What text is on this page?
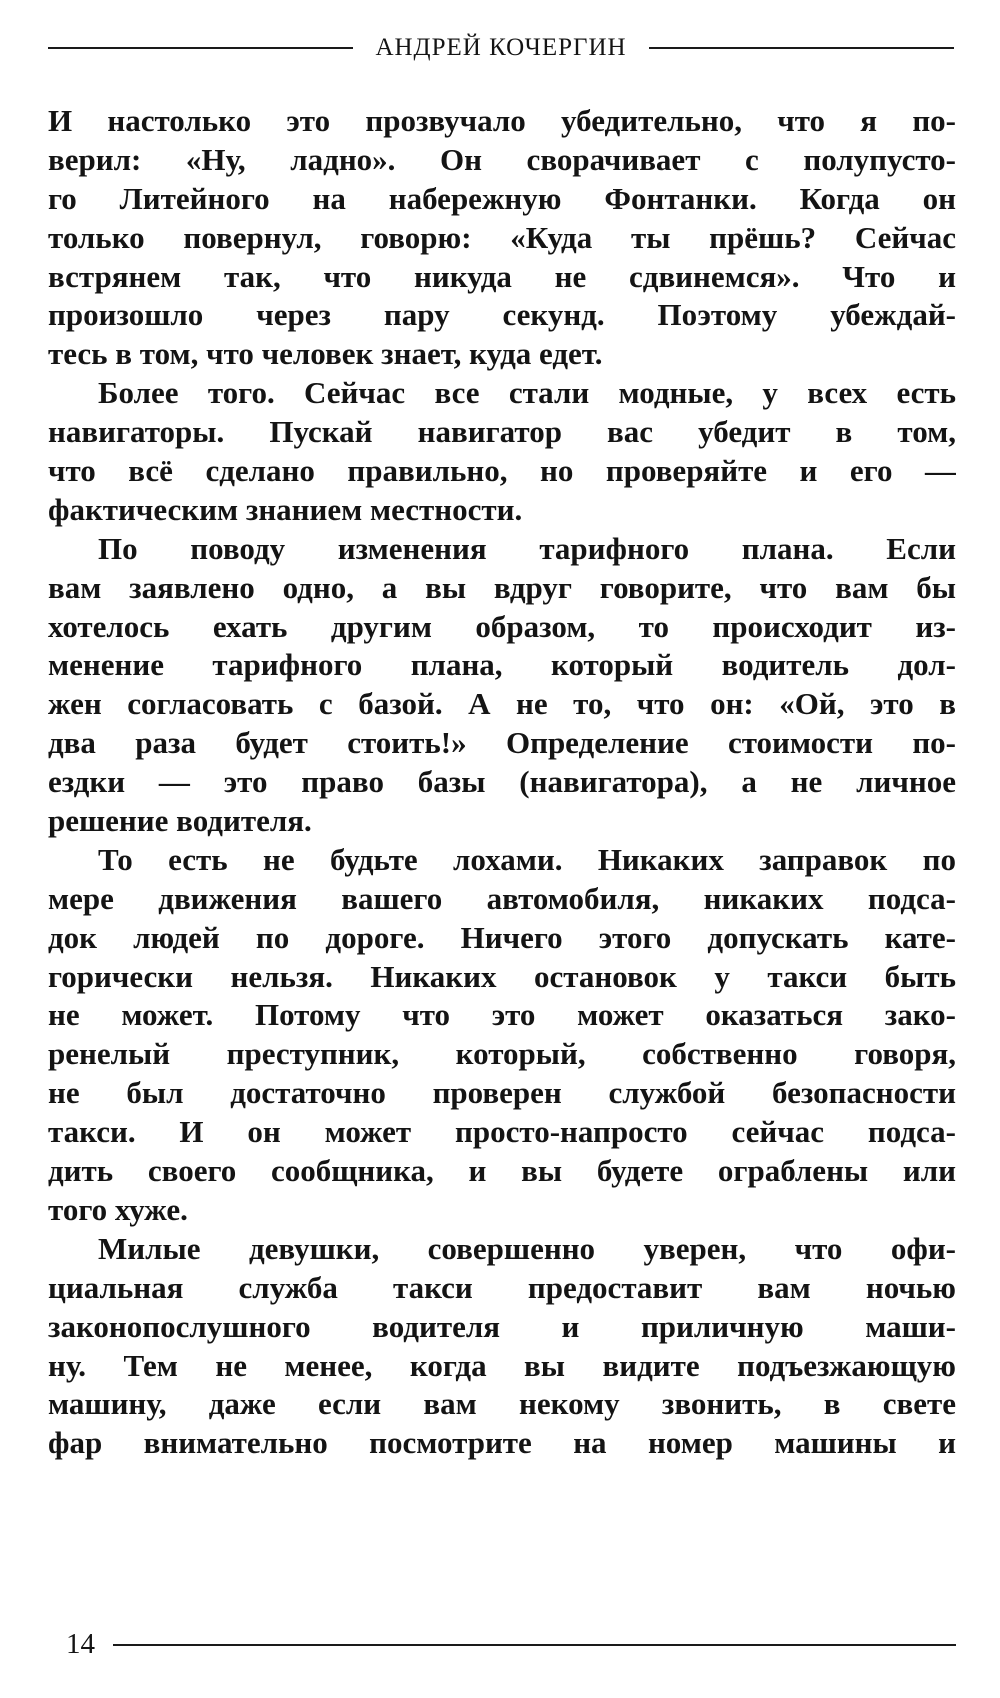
АНДРЕЙ КОЧЕРГИН
И настолько это прозвучало убедительно, что я по-
верил: «Ну, ладно». Он сворачивает с полупусто-
го Литейного на набережную Фонтанки. Когда он
только повернул, говорю: «Куда ты прёшь? Сейчас
встрянем так, что никуда не сдвинемся». Что и
произошло через пару секунд. Поэтому убеждай-
тесь в том, что человек знает, куда едет.
Более того. Сейчас все стали модные, у всех есть
навигаторы. Пускай навигатор вас убедит в том,
что всё сделано правильно, но проверяйте и его —
фактическим знанием местности.
По поводу изменения тарифного плана. Если
вам заявлено одно, а вы вдруг говорите, что вам бы
хотелось ехать другим образом, то происходит из-
менение тарифного плана, который водитель дол-
жен согласовать с базой. А не то, что он: «Ой, это в
два раза будет стоить!» Определение стоимости по-
ездки — это право базы (навигатора), а не личное
решение водителя.
То есть не будьте лохами. Никаких заправок по
мере движения вашего автомобиля, никаких подса-
док людей по дороге. Ничего этого допускать кате-
горически нельзя. Никаких остановок у такси быть
не может. Потому что это может оказаться зако-
ренелый преступник, который, собственно говоря,
не был достаточно проверен службой безопасности
такси. И он может просто-напросто сейчас подса-
дить своего сообщника, и вы будете ограблены или
того хуже.
Милые девушки, совершенно уверен, что офи-
циальная служба такси предоставит вам ночью
законопослушного водителя и приличную маши-
ну. Тем не менее, когда вы видите подъезжающую
машину, даже если вам некому звонить, в свете
фар внимательно посмотрите на номер машины и
14
